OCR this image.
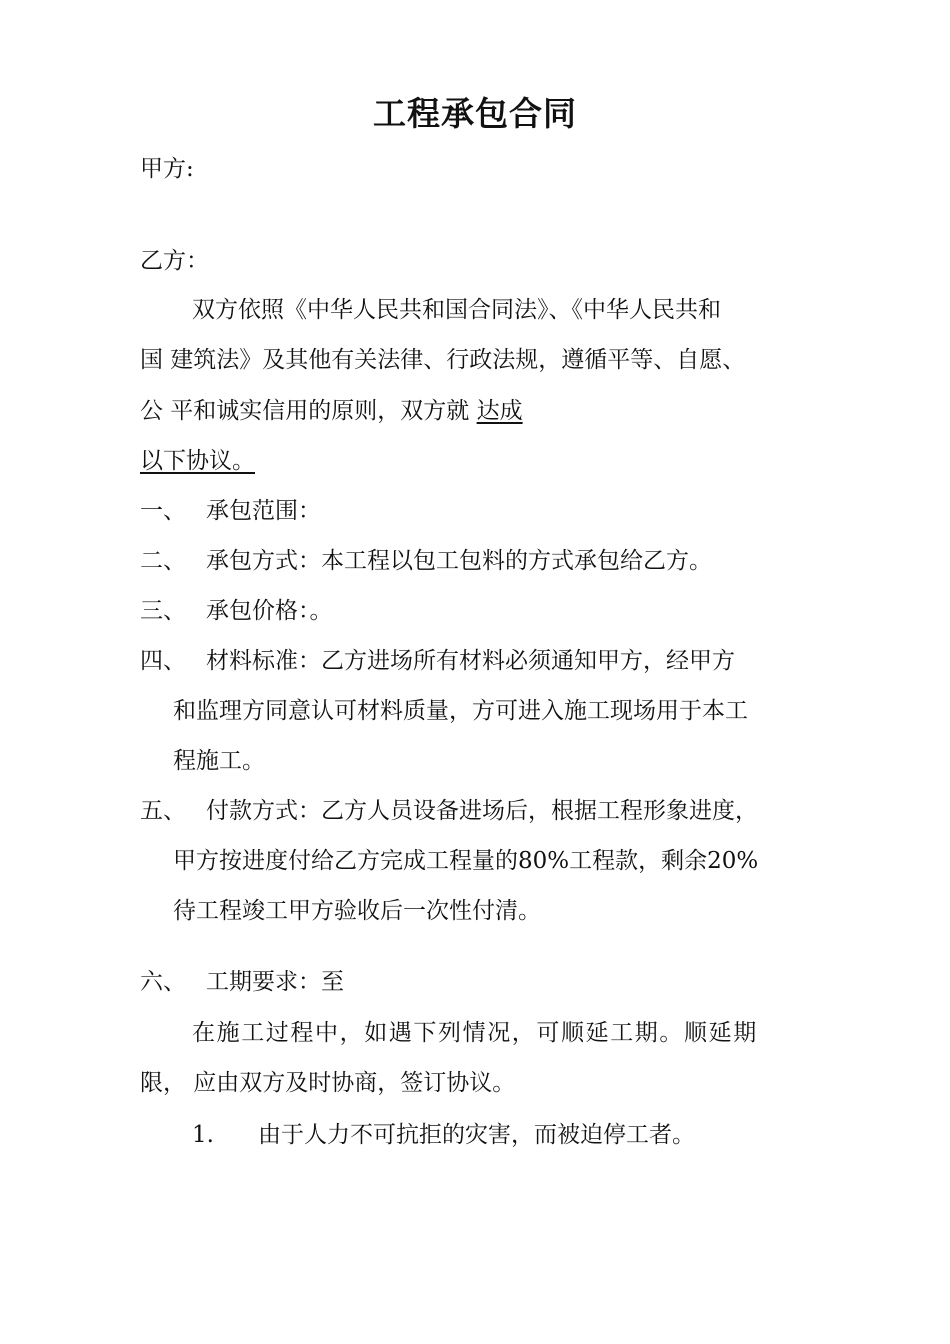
工程承包合同
甲方:
乙方：
双方依照《中华人民共和国合同法》、《中华人民共和
国 建筑法》及其他有关法律、行政法规，遵循平等、自愿、
公 平和诚实信用的原则，双方就 达成
以下协议。
一、 承包范围：
二、 承包方式：本工程以包工包料的方式承包给乙方。
三、 承包价格：。
四、 材料标准：乙方进场所有材料必须通知甲方，经甲方
和监理方同意认可材料质量，方可进入施工现场用于本工
程施工。
五、 付款方式：乙方人员设备进场后，根据工程形象进度，
甲方按进度付给乙方完成工程量的80%工程款，剩余20%
待工程竣工甲方验收后一次性付清。
六、 工期要求：至
在施工过程中，如遇下列情况，可顺延工期。顺延期
限， 应由双方及时协商，签订协议。
1. 由于人力不可抗拒的灾害，而被迫停工者。
